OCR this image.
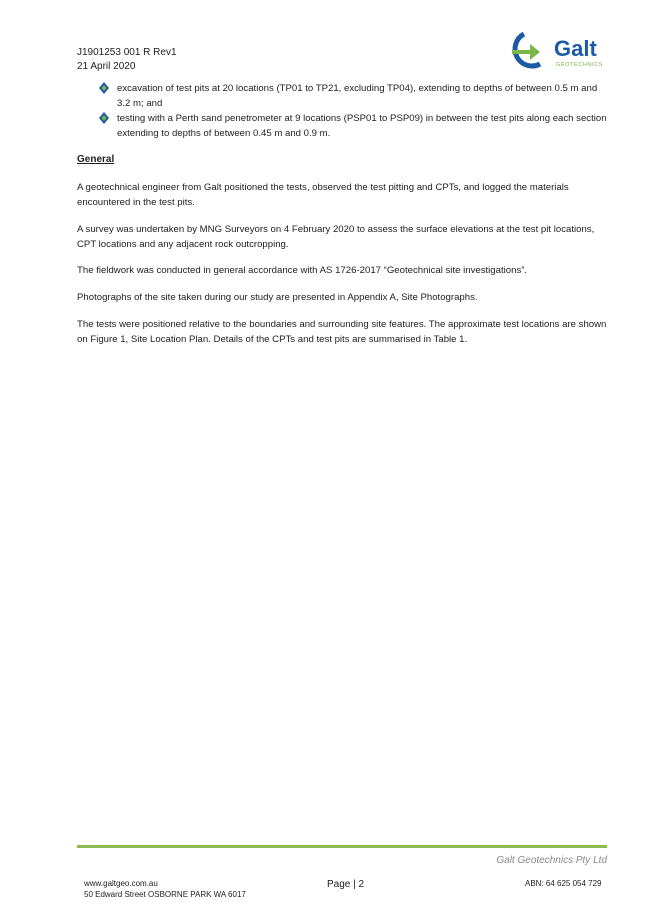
J1901253 001 R Rev1
21 April 2020
Galt
GEOTECHNICS
excavation of test pits at 20 locations (TP01 to TP21, excluding TP04), extending to depths of between 0.5 m and 3.2 m; and
testing with a Perth sand penetrometer at 9 locations (PSP01 to PSP09) in between the test pits along each section extending to depths of between 0.45 m and 0.9 m.
General
A geotechnical engineer from Galt positioned the tests, observed the test pitting and CPTs, and logged the materials encountered in the test pits.
A survey was undertaken by MNG Surveyors on 4 February 2020 to assess the surface elevations at the test pit locations, CPT locations and any adjacent rock outcropping.
The fieldwork was conducted in general accordance with AS 1726-2017 “Geotechnical site investigations”.
Photographs of the site taken during our study are presented in Appendix A, Site Photographs.
The tests were positioned relative to the boundaries and surrounding site features. The approximate test locations are shown on Figure 1, Site Location Plan. Details of the CPTs and test pits are summarised in Table 1.
Galt Geotechnics Pty Ltd
www.galtgeo.com.au
50 Edward Street OSBORNE PARK WA 6017
Page | 2	ABN: 64 625 054 729
